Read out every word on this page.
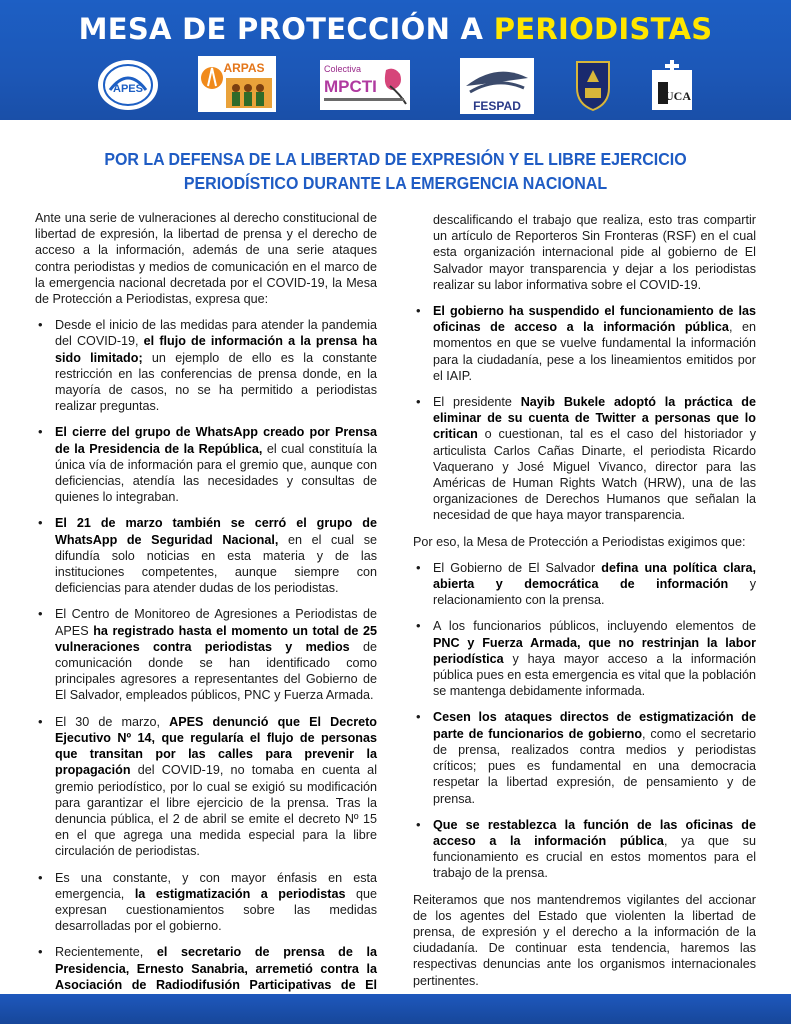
MESA DE PROTECCIÓN A PERIODISTAS
APES
ARPAS	Colectiva
MPCTI
FESPAD
UCA
POR LA DEFENSA DE LA LIBERTAD DE EXPRESIÓN Y EL LIBRE EJERCICIO
PERIODÍSTICO DURANTE LA EMERGENCIA NACIONAL

Ante una serie de vulneraciones al derecho constitucional de libertad de expresión, la libertad de prensa y el derecho de acceso a la información, además de una serie ataques contra periodistas y medios de comunicación en el marco de la emergencia nacional decretada por el COVID-19, la Mesa de Protección a Periodistas, expresa que:

• Desde el inicio de las medidas para atender la pandemia del COVID-19, el flujo de información a la prensa ha sido limitado; un ejemplo de ello es la constante restricción en las conferencias de prensa donde, en la mayoría de casos, no se ha permitido a periodistas realizar preguntas.
• El cierre del grupo de WhatsApp creado por Prensa de la Presidencia de la República, el cual constituía la única vía de información para el gremio que, aunque con deficiencias, atendía las necesidades y consultas de quienes lo integraban.
• El 21 de marzo también se cerró el grupo de WhatsApp de Seguridad Nacional, en el cual se difundía solo noticias en esta materia y de las instituciones competentes, aunque siempre con deficiencias para atender dudas de los periodistas.
• El Centro de Monitoreo de Agresiones a Periodistas de APES ha registrado hasta el momento un total de 25 vulneraciones contra periodistas y medios de comunicación donde se han identificado como principales agresores a representantes del Gobierno de El Salvador, empleados públicos, PNC y Fuerza Armada.
• El 30 de marzo, APES denunció que El Decreto Ejecutivo Nº 14, que regularía el flujo de personas que transitan por las calles para prevenir la propagación del COVID-19, no tomaba en cuenta al gremio periodístico, por lo cual se exigió su modificación para garantizar el libre ejercicio de la prensa. Tras la denuncia pública, el 2 de abril se emite el decreto Nº 15 en el que agrega una medida especial para la libre circulación de periodistas.
• Es una constante, y con mayor énfasis en esta emergencia, la estigmatización a periodistas que expresan cuestionamientos sobre las medidas desarrolladas por el gobierno.
• Recientemente, el secretario de prensa de la Presidencia, Ernesto Sanabria, arremetió contra la Asociación de Radiodifusión Participativas de El

descalificando el trabajo que realiza, esto tras compartir un artículo de Reporteros Sin Fronteras (RSF) en el cual esta organización internacional pide al gobierno de El Salvador mayor transparencia y dejar a los periodistas realizar su labor informativa sobre el COVID-19.

• El gobierno ha suspendido el funcionamiento de las oficinas de acceso a la información pública, en momentos en que se vuelve fundamental la información para la ciudadanía, pese a los lineamientos emitidos por el IAIP.
• El presidente Nayib Bukele adoptó la práctica de eliminar de su cuenta de Twitter a personas que lo critican o cuestionan, tal es el caso del historiador y articulista Carlos Cañas Dinarte, el periodista Ricardo Vaquerano y José Miguel Vivanco, director para las Américas de Human Rights Watch (HRW), una de las organizaciones de Derechos Humanos que señalan la necesidad de que haya mayor transparencia.

Por eso, la Mesa de Protección a Periodistas exigimos que:

• El Gobierno de El Salvador defina una política clara, abierta y democrática de información y relacionamiento con la prensa.
• A los funcionarios públicos, incluyendo elementos de PNC y Fuerza Armada, que no restrinjan la labor periodística y haya mayor acceso a la información pública pues en esta emergencia es vital que la población se mantenga debidamente informada.
• Cesen los ataques directos de estigmatización de parte de funcionarios de gobierno, como el secretario de prensa, realizados contra medios y periodistas críticos; pues es fundamental en una democracia respetar la libertad expresión, de pensamiento y de prensa.
• Que se restablezca la función de las oficinas de acceso a la información pública, ya que su funcionamiento es crucial en estos momentos para el trabajo de la prensa.

Reiteramos que nos mantendremos vigilantes del accionar de los agentes del Estado que violenten la libertad de prensa, de expresión y el derecho a la información de la ciudadanía. De continuar esta tendencia, haremos las respectivas denuncias ante los organismos internacionales pertinentes.
